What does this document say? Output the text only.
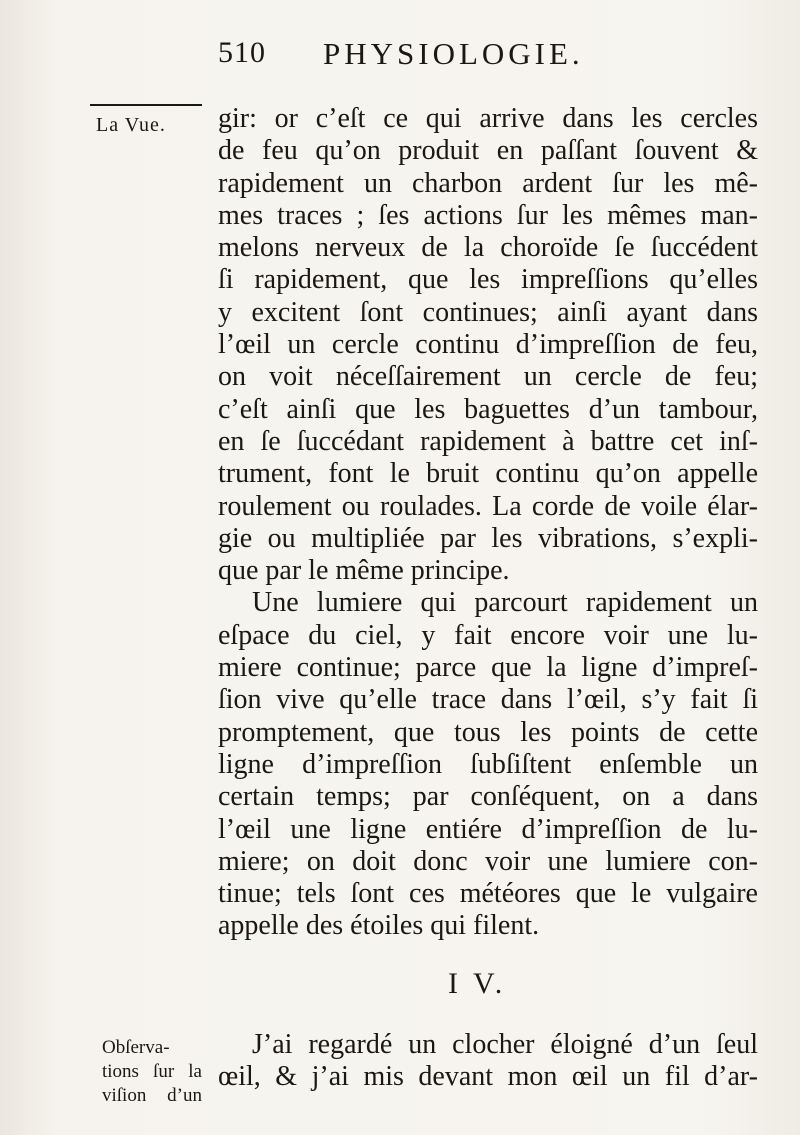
510 PHYSIOLOGIE.
La Vue. gir: or c’eſt ce qui arrive dans les cercles
de feu qu’on produit en paſſant ſouvent &
rapidement un charbon ardent ſur les mê-
mes traces ; ſes actions ſur les mêmes man-
melons nerveux de la choroïde ſe ſuccédent
ſi rapidement, que les impreſſions qu’elles
y excitent ſont continues; ainſi ayant dans
l’œil un cercle continu d’impreſſion de feu,
on voit néceſſairement un cercle de feu;
c’eſt ainſi que les baguettes d’un tambour,
en ſe ſuccédant rapidement à battre cet inſ-
trument, font le bruit continu qu’on appelle
roulement ou roulades. La corde de voile élar-
gie ou multipliée par les vibrations, s’expli-
que par le même principe.
Une lumiere qui parcourt rapidement un
eſpace du ciel, y fait encore voir une lu-
miere continue; parce que la ligne d’impreſ-
ſion vive qu’elle trace dans l’œil, s’y fait ſi
promptement, que tous les points de cette
ligne d’impreſſion ſubſiſtent enſemble un
certain temps; par conſéquent, on a dans
l’œil une ligne entiére d’impreſſion de lu-
miere; on doit donc voir une lumiere con-
tinue; tels ſont ces météores que le vulgaire
appelle des étoiles qui filent.
I V.
J’ai regardé un clocher éloigné d’un ſeul
œil, & j’ai mis devant mon œil un fil d’ar-
Obſerva-
tions ſur la
viſion d’un
